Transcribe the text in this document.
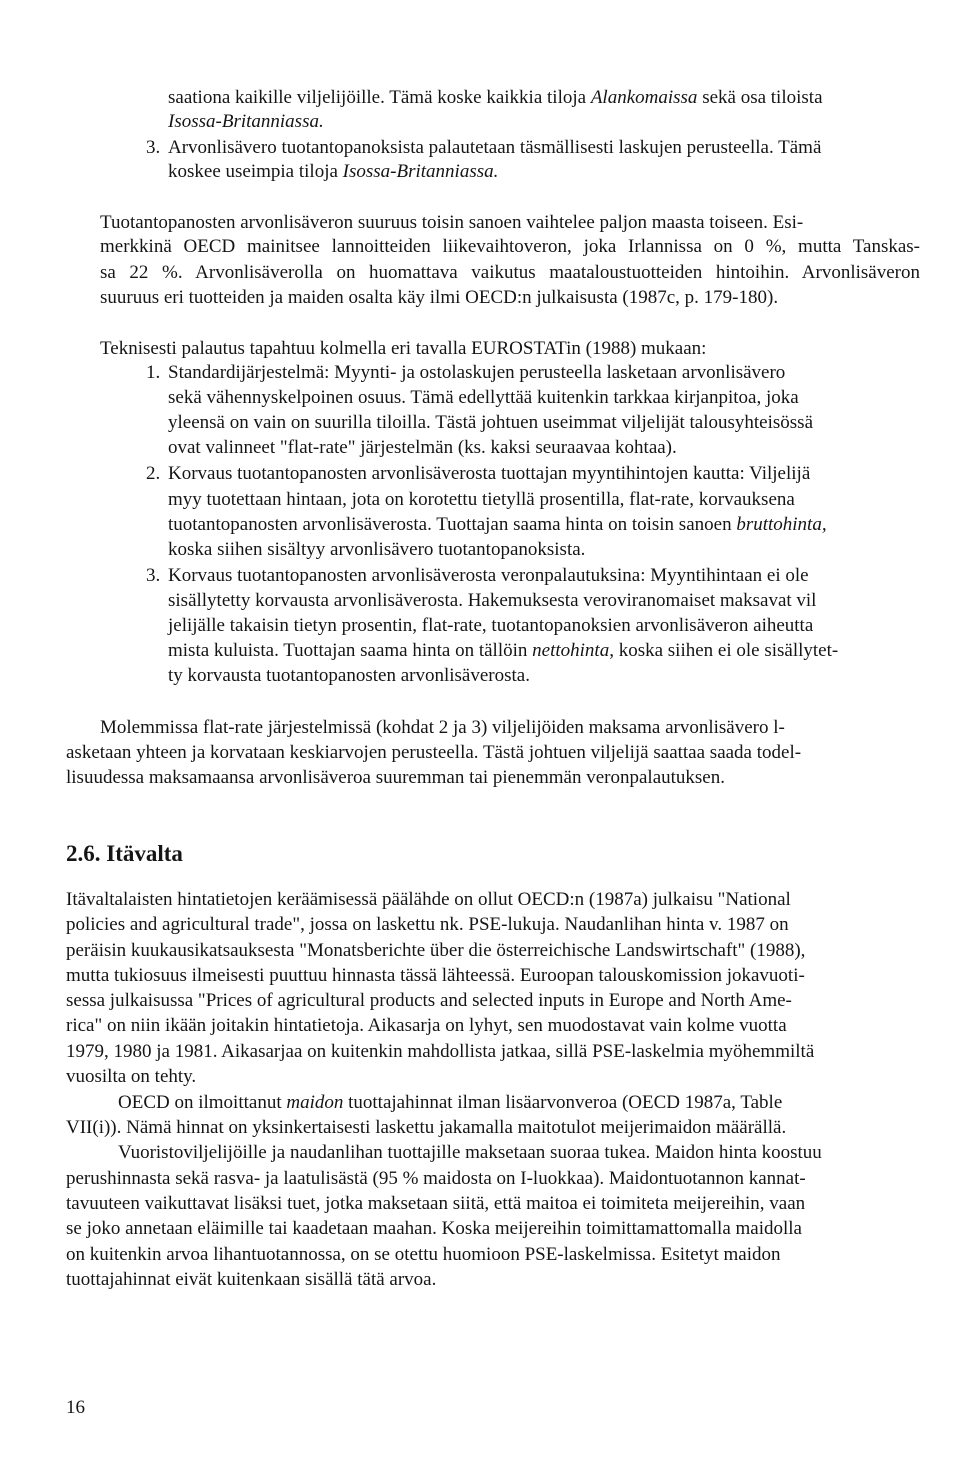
saationa kaikille viljelijöille. Tämä koske kaikkia tiloja Alankomaissa sekä osa tiloista
Isossa-Britanniassa.
3. Arvonlisävero tuotantopanoksista palautetaan täsmällisesti laskujen perusteella. Tämä
koskee useimpia tiloja Isossa-Britanniassa.
Tuotantopanosten arvonlisäveron suuruus toisin sanoen vaihtelee paljon maasta toiseen. Esi-
merkkinä OECD mainitsee lannoitteiden liikevaihtoveron, joka Irlannissa on 0 %, mutta Tanskas-
sa 22 %. Arvonlisäverolla on huomattava vaikutus maataloustuotteiden hintoihin. Arvonlisäveron
suuruus eri tuotteiden ja maiden osalta käy ilmi OECD:n julkaisusta (1987c, p. 179-180).
Teknisesti palautus tapahtuu kolmella eri tavalla EUROSTATin (1988) mukaan:
1. Standardijärjestelmä: Myynti- ja ostolaskujen perusteella lasketaan arvonlisävero
sekä vähennyskelpoinen osuus. Tämä edellyttää kuitenkin tarkkaa kirjanpitoa, joka
yleensä on vain on suurilla tiloilla. Tästä johtuen useimmat viljelijät talousyhteisössä
ovat valinneet "flat-rate" järjestelmän (ks. kaksi seuraavaa kohtaa).
2. Korvaus tuotantopanosten arvonlisäverosta tuottajan myyntihintojen kautta: Viljelijä
myy tuotettaan hintaan, jota on korotettu tietyllä prosentilla, flat-rate, korvauksena
tuotantopanosten arvonlisäverosta. Tuottajan saama hinta on toisin sanoen bruttohinta,
koska siihen sisältyy arvonlisävero tuotantopanoksista.
3. Korvaus tuotantopanosten arvonlisäverosta veronpalautuksina: Myyntihintaan ei ole
sisällytetty korvausta arvonlisäverosta. Hakemuksesta veroviranomaiset maksavat vil
jelijälle takaisin tietyn prosentin, flat-rate, tuotantopanoksien arvonlisäveron aiheutta
mista kuluista. Tuottajan saama hinta on tällöin nettohinta, koska siihen ei ole sisällytet-
ty korvausta tuotantopanosten arvonlisäverosta.
Molemmissa flat-rate järjestelmissä (kohdat 2 ja 3) viljelijöiden maksama arvonlisävero l-
asketaan yhteen ja korvataan keskiarvojen perusteella. Tästä johtuen viljelijä saattaa saada todel-
lisuudessa maksamaansa arvonlisäveroa suuremman tai pienemmän veronpalautuksen.
2.6. Itävalta
Itävaltalaisten hintatietojen keräämisessä päälähde on ollut OECD:n (1987a) julkaisu "National
policies and agricultural trade", jossa on laskettu nk. PSE-lukuja. Naudanlihan hinta v. 1987 on
peräisin kuukausikatsauksesta "Monatsberichte über die österreichische Landswirtschaft" (1988),
mutta tukiosuus ilmeisesti puuttuu hinnasta tässä lähteessä. Euroopan talouskomission jokavuoti-
sessa julkaisussa "Prices of agricultural products and selected inputs in Europe and North Ame-
rica" on niin ikään joitakin hintatietoja. Aikasarja on lyhyt, sen muodostavat vain kolme vuotta
1979, 1980 ja 1981. Aikasarjaa on kuitenkin mahdollista jatkaa, sillä PSE-laskelmia myöhemmiltä
vuosilta on tehty.
OECD on ilmoittanut maidon tuottajahinnat ilman lisäarvonveroa (OECD 1987a, Table
VII(i)). Nämä hinnat on yksinkertaisesti laskettu jakamalla maitotulot meijerimaidon määrällä.
Vuoristoviljelijöille ja naudanlihan tuottajille maksetaan suoraa tukea. Maidon hinta koostuu
perushinnasta sekä rasva- ja laatulisästä (95 % maidosta on I-luokkaa). Maidontuotannon kannat-
tavuuteen vaikuttavat lisäksi tuet, jotka maksetaan siitä, että maitoa ei toimiteta meijereihin, vaan
se joko annetaan eläimille tai kaadetaan maahan. Koska meijereihin toimittamattomalla maidolla
on kuitenkin arvoa lihantuotannossa, on se otettu huomioon PSE-laskelmissa. Esitetyt maidon
tuottajahinnat eivät kuitenkaan sisällä tätä arvoa.
16
